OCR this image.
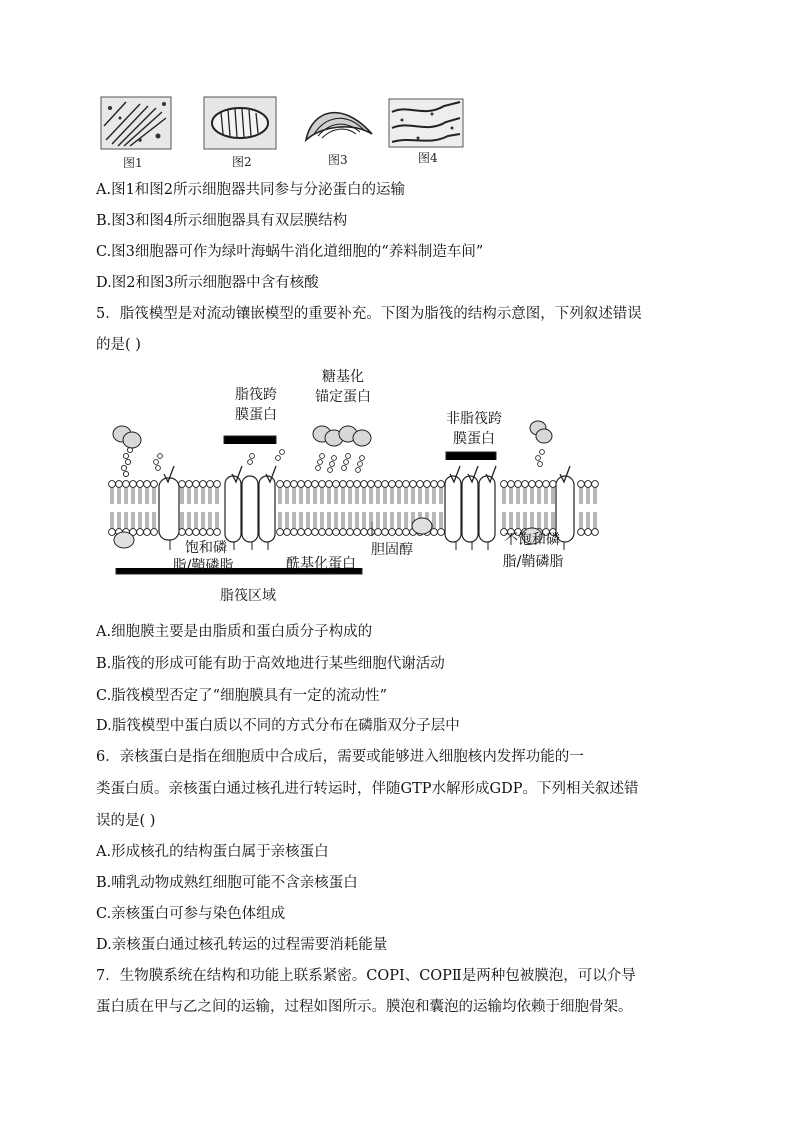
图1	图2	图3	图4
A.图1和图2所示细胞器共同参与分泌蛋白的运输
B.图3和图4所示细胞器具有双层膜结构
C.图3细胞器可作为绿叶海蜗牛消化道细胞的“养料制造车间”
D.图2和图3所示细胞器中含有核酸
5．脂筏模型是对流动镶嵌模型的重要补充。下图为脂筏的结构示意图，下列叙述错误
的是( )
脂筏跨
膜蛋白
糖基化
锚定蛋白
非脂筏跨
膜蛋白
饱和磷
脂/鞘磷脂	酰基化蛋白
胆固醇
不饱和磷
脂/鞘磷脂
脂筏区域
A.细胞膜主要是由脂质和蛋白质分子构成的
B.脂筏的形成可能有助于高效地进行某些细胞代谢活动
C.脂筏模型否定了“细胞膜具有一定的流动性”
D.脂筏模型中蛋白质以不同的方式分布在磷脂双分子层中
6．亲核蛋白是指在细胞质中合成后，需要或能够进入细胞核内发挥功能的一
类蛋白质。亲核蛋白通过核孔进行转运时，伴随GTP水解形成GDP。下列相关叙述错
误的是( )
A.形成核孔的结构蛋白属于亲核蛋白
B.哺乳动物成熟红细胞可能不含亲核蛋白
C.亲核蛋白可参与染色体组成
D.亲核蛋白通过核孔转运的过程需要消耗能量
7．生物膜系统在结构和功能上联系紧密。COPⅠ、COPⅡ是两种包被膜泡，可以介导
蛋白质在甲与乙之间的运输，过程如图所示。膜泡和囊泡的运输均依赖于细胞骨架。
